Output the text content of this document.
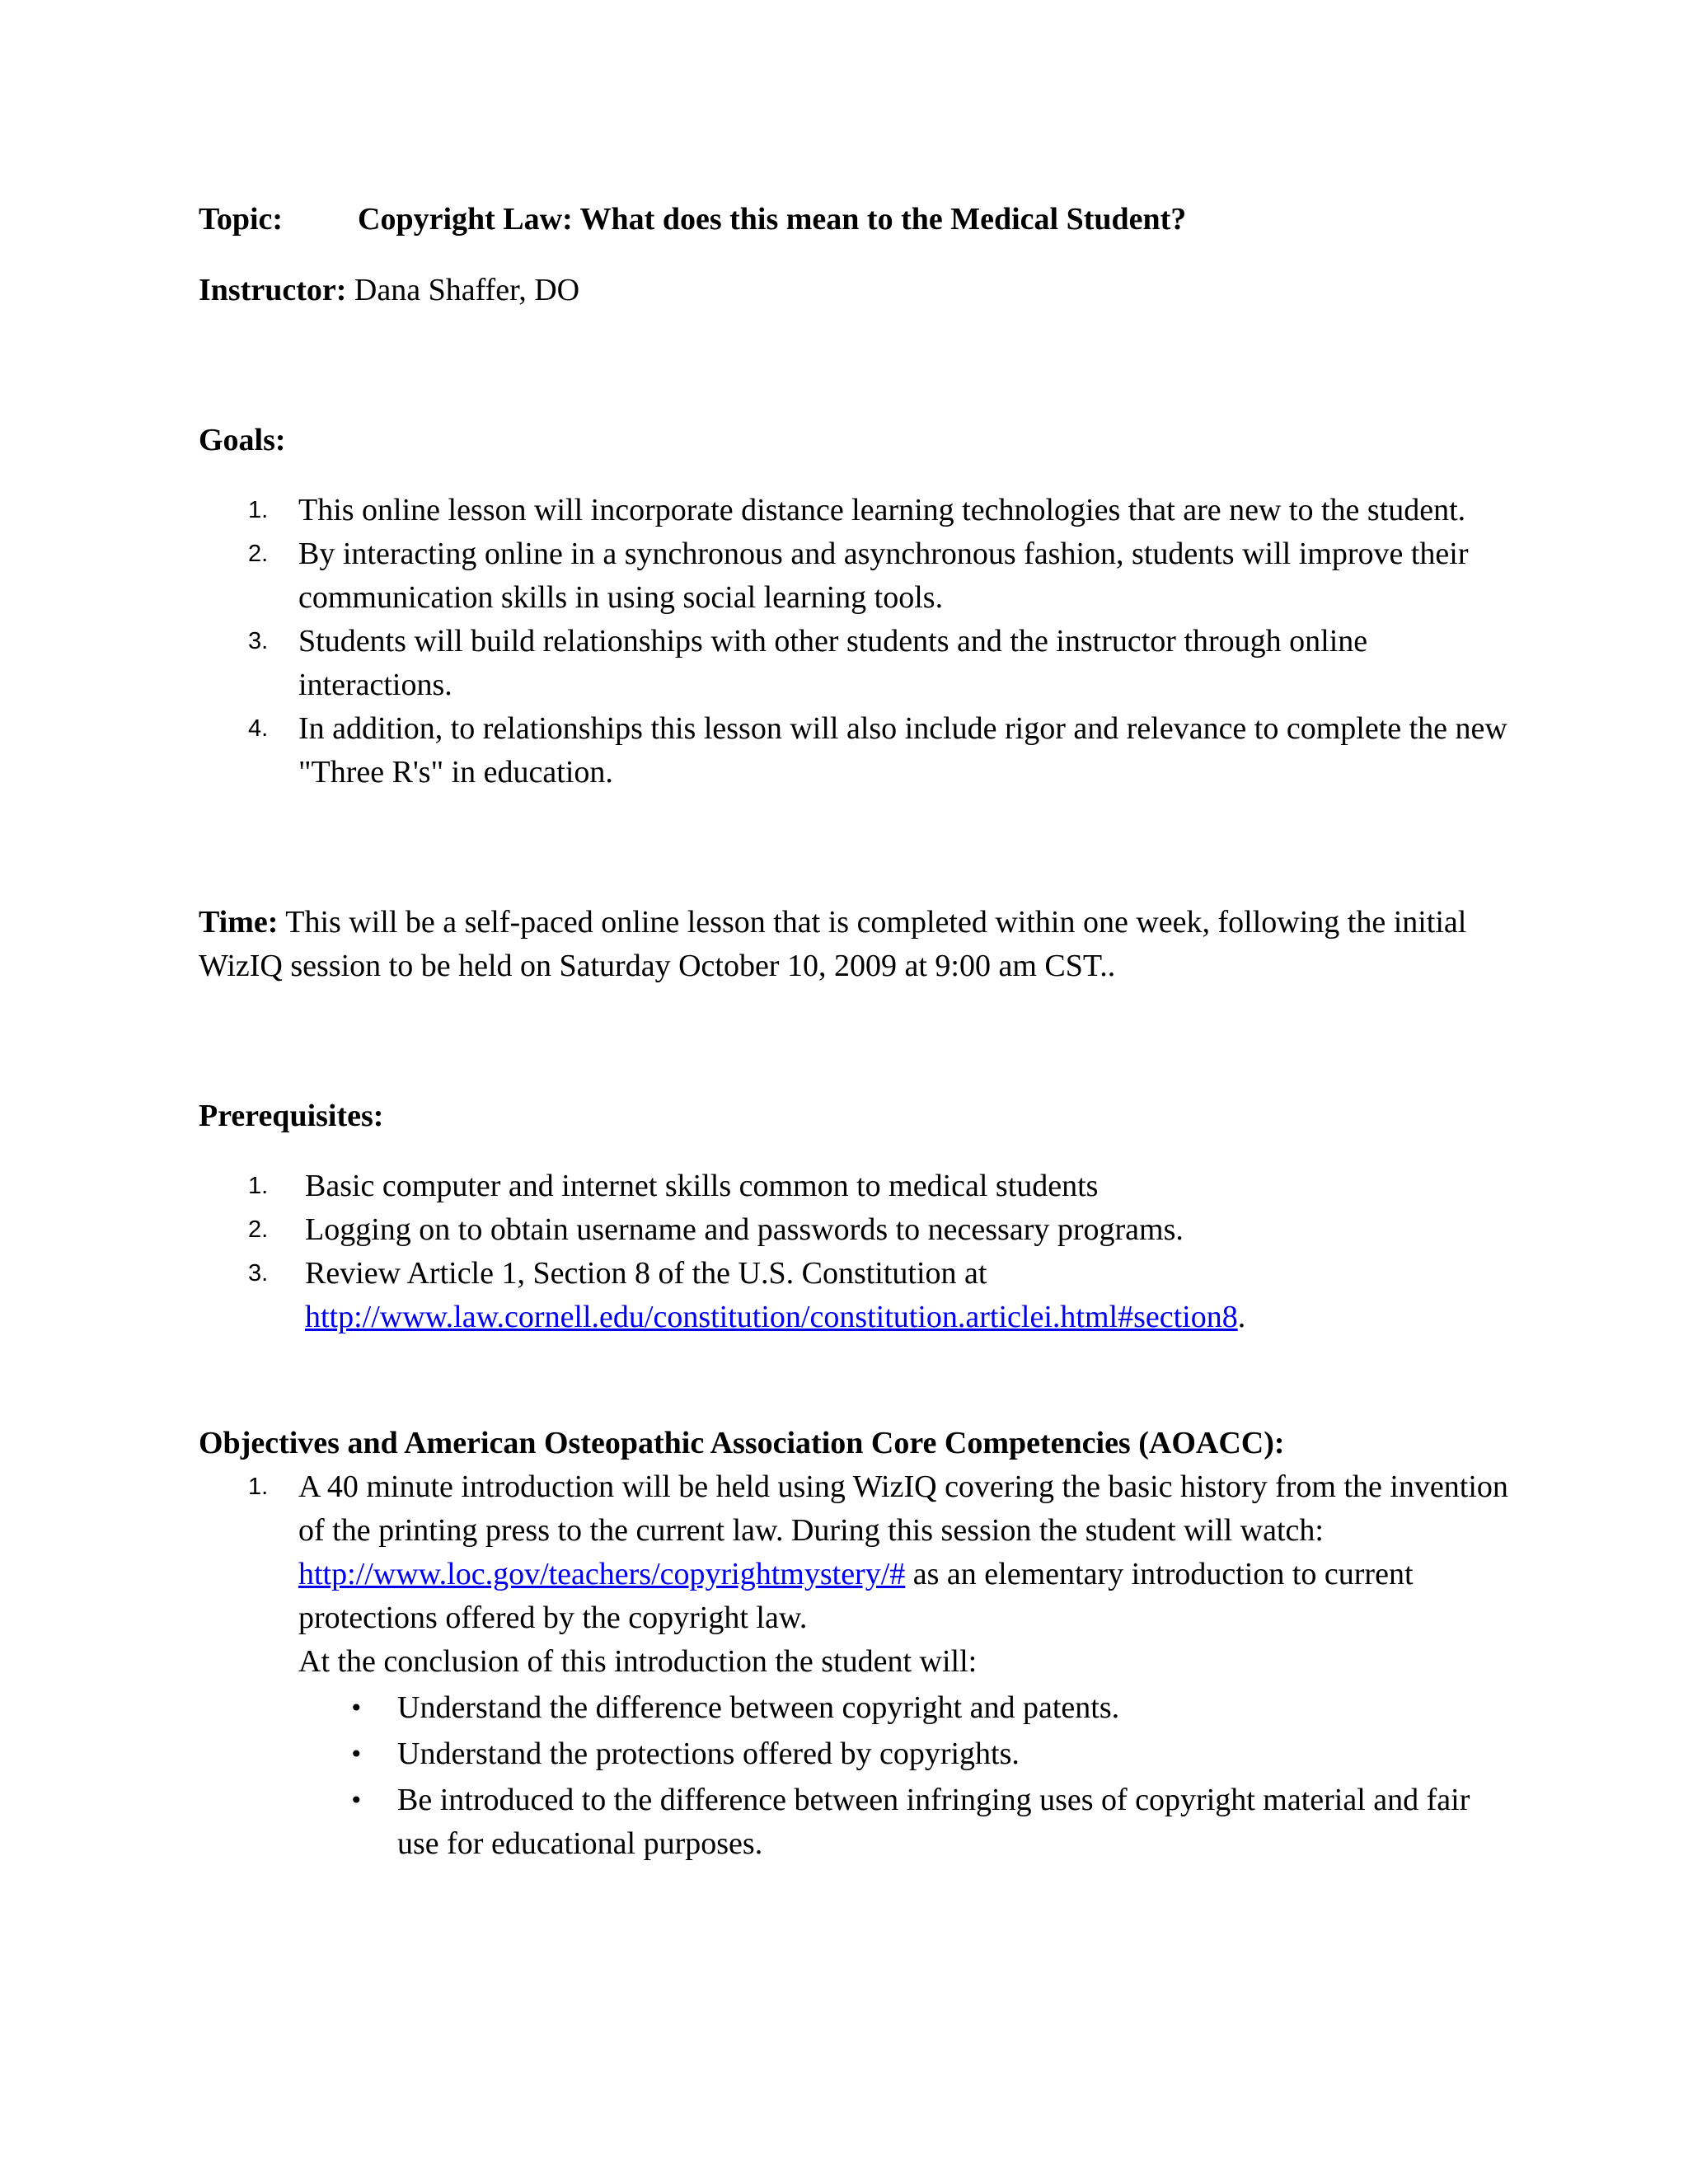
Topic: Copyright Law: What does this mean to the Medical Student?

Instructor: Dana Shaffer, DO

Goals:

1. This online lesson will incorporate distance learning technologies that are new to the student.
2. By interacting online in a synchronous and asynchronous fashion, students will improve their communication skills in using social learning tools.
3. Students will build relationships with other students and the instructor through online interactions.
4. In addition, to relationships this lesson will also include rigor and relevance to complete the new "Three R's" in education.

Time: This will be a self-paced online lesson that is completed within one week, following the initial WizIQ session to be held on Saturday October 10, 2009 at 9:00 am CST..

Prerequisites:

1. Basic computer and internet skills common to medical students
2. Logging on to obtain username and passwords to necessary programs.
3. Review Article 1, Section 8 of the U.S. Constitution at
http://www.law.cornell.edu/constitution/constitution.articlei.html#section8.

Objectives and American Osteopathic Association Core Competencies (AOACC):

1. A 40 minute introduction will be held using WizIQ covering the basic history from the invention of the printing press to the current law. During this session the student will watch:  http://www.loc.gov/teachers/copyrightmystery/# as an elementary introduction to current protections offered by the copyright law.
At the conclusion of this introduction the student will:
• Understand the difference between copyright and patents.
• Understand the protections offered by copyrights.
• Be introduced to the difference between infringing uses of copyright material and fair use for educational purposes.
